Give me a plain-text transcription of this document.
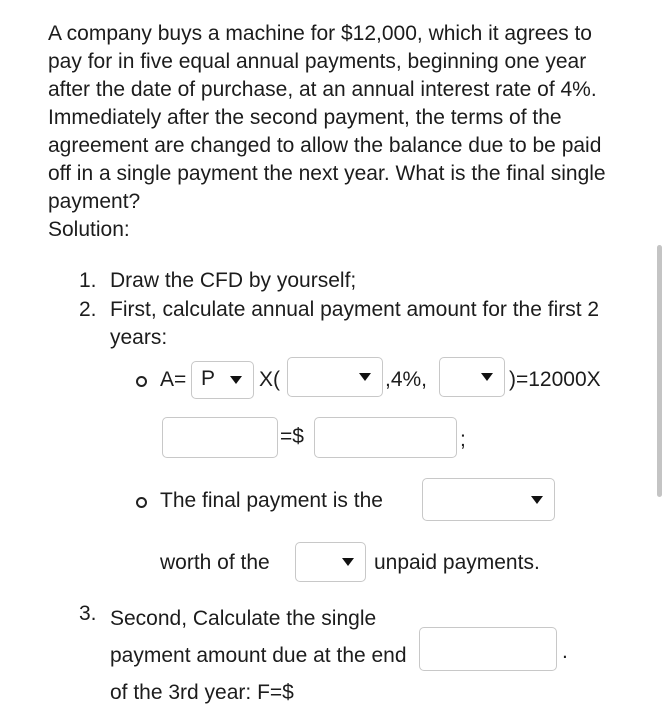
A company buys a machine for $12,000, which it agrees to pay for in five equal annual payments, beginning one year after the date of purchase, at an annual interest rate of 4%. Immediately after the second payment, the terms of the agreement are changed to allow the balance due to be paid off in a single payment the next year. What is the final single payment?
Solution:
1. Draw the CFD by yourself;
2. First, calculate annual payment amount for the first 2 years:
A= P X(	,4%,	)=12000X
=$	;
The final payment is the
worth of the	unpaid payments.
3. Second, Calculate the single payment amount due at the end of the 3rd year: F=$
.
